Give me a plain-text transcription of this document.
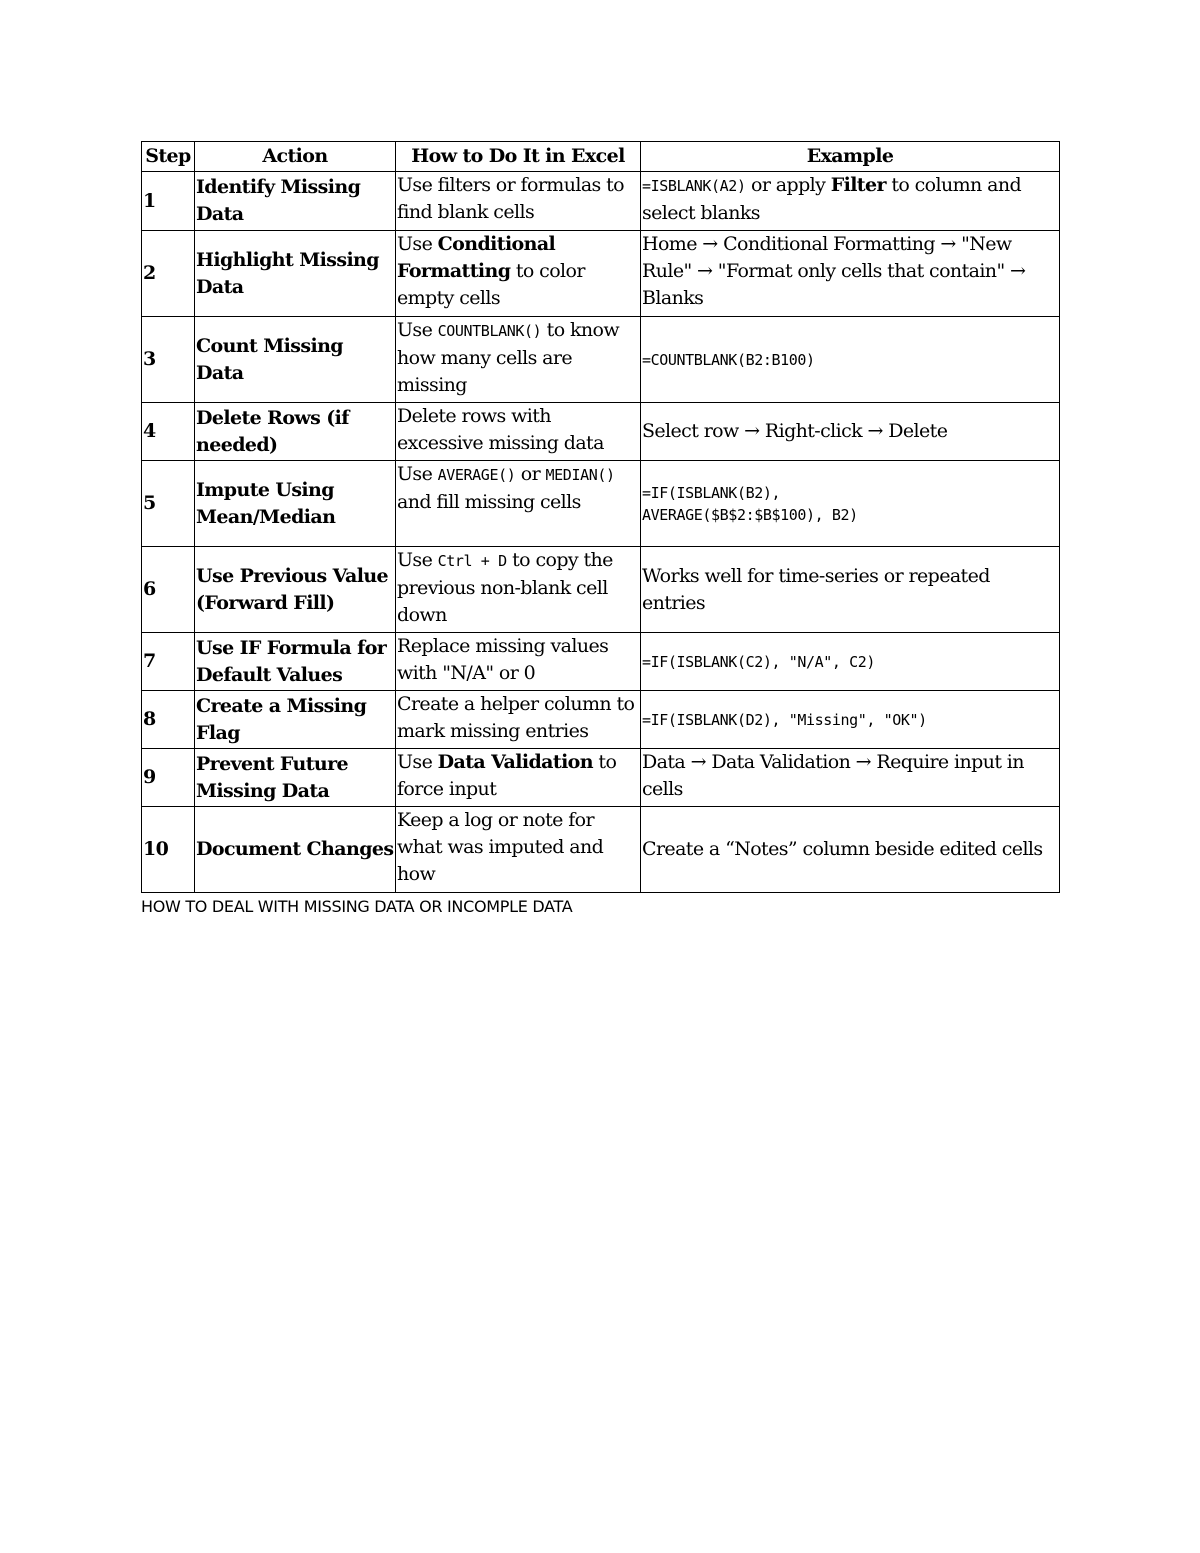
Step	Action	How to Do It in Excel	Example
1	Identify Missing Data	Use filters or formulas to find blank cells	=ISBLANK(A2) or apply Filter to column and select blanks
2	Highlight Missing Data	Use Conditional Formatting to color empty cells	Home → Conditional Formatting → "New Rule" → "Format only cells that contain" → Blanks
3	Count Missing Data	Use COUNTBLANK() to know how many cells are missing	=COUNTBLANK(B2:B100)
4	Delete Rows (if needed)	Delete rows with excessive missing data	Select row → Right-click → Delete
5	Impute Using Mean/Median	Use AVERAGE() or MEDIAN() and fill missing cells	=IF(ISBLANK(B2),
AVERAGE($B$2:$B$100), B2)

6	Use Previous Value (Forward Fill)	Use Ctrl + D to copy the previous non-blank cell down	Works well for time-series or repeated entries
7	Use IF Formula for Default Values	Replace missing values with "N/A" or 0	=IF(ISBLANK(C2), "N/A", C2)
8	Create a Missing Flag	Create a helper column to mark missing entries	=IF(ISBLANK(D2), "Missing", "OK")
9	Prevent Future Missing Data	Use Data Validation to force input	Data → Data Validation → Require input in cells
10	Document Changes	Keep a log or note for what was imputed and how	Create a “Notes” column beside edited cells
HOW TO DEAL WITH MISSING DATA OR INCOMPLE DATA
